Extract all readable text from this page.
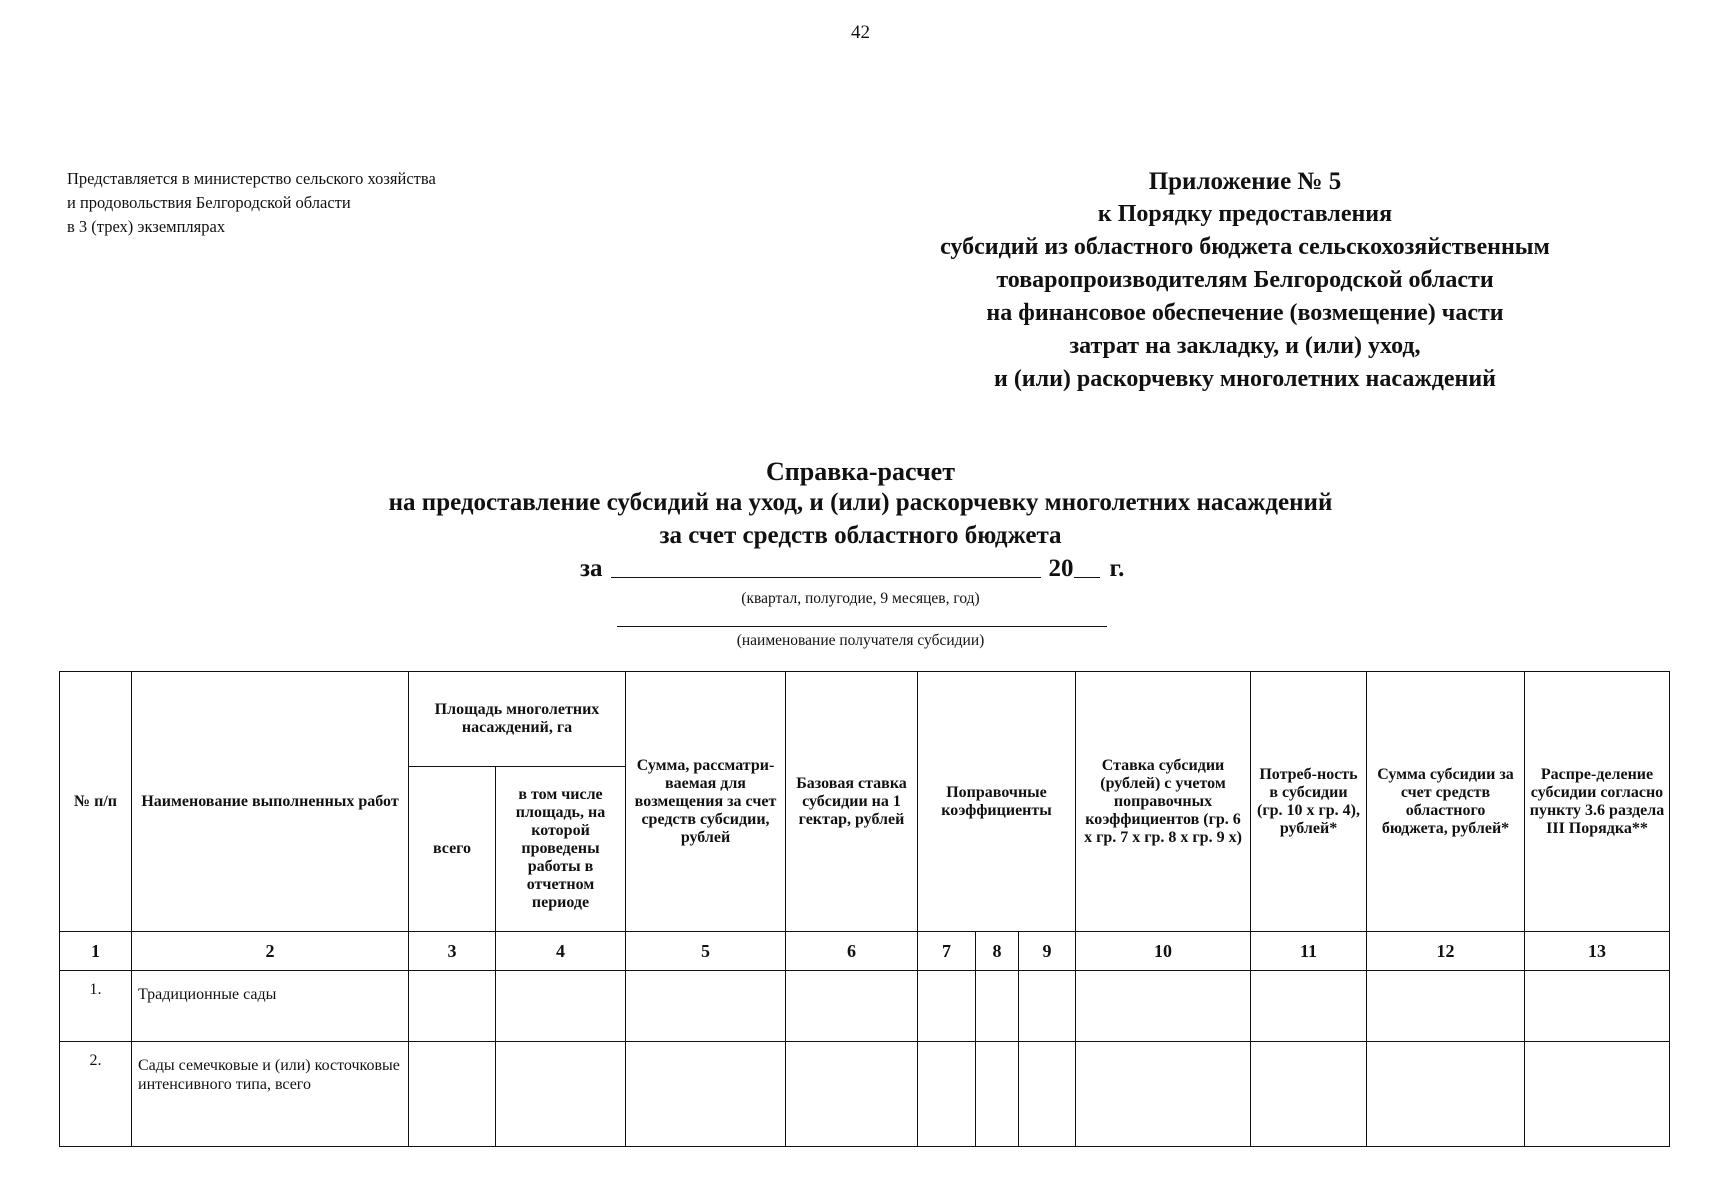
42
Представляется в министерство сельского хозяйства
и продовольствия Белгородской области
в 3 (трех) экземплярах
Приложение № 5
к Порядку предоставления
субсидий из областного бюджета сельскохозяйственным
товаропроизводителям Белгородской области
на финансовое обеспечение (возмещение) части
затрат на закладку, и (или) уход,
и (или) раскорчевку многолетних насаждений
Справка-расчет
на предоставление субсидий на уход, и (или) раскорчевку многолетних насаждений
за счет средств областного бюджета
за	20 г.
(квартал, полугодие, 9 месяцев, год)
(наименование получателя субсидии)
№ п/п	Наименование выполненных работ	Площадь многолетних насаждений, га		Сумма, рассматри-ваемая для возмещения за счет средств субсидии, рублей	Базовая ставка субсидии на 1 гектар, рублей	Поправочные коэффициенты			Ставка субсидии (рублей) с учетом поправочных коэффициентов (гр. 6 х гр. 7 х гр. 8 х гр. 9 х)	Потреб-ность в субсидии (гр. 10 х гр. 4), рублей*	Сумма субсидии за счет средств областного бюджета, рублей*	Распре-деление субсидии согласно пункту 3.6 раздела III Порядка**
		всего	в том числе площадь, на которой проведены работы в отчетном периоде									
1	2	3	4	5	6	7	8	9	10	11	12	13
1.	Традиционные сады											
2.	Сады семечковые и (или) косточковые интенсивного типа, всего											
